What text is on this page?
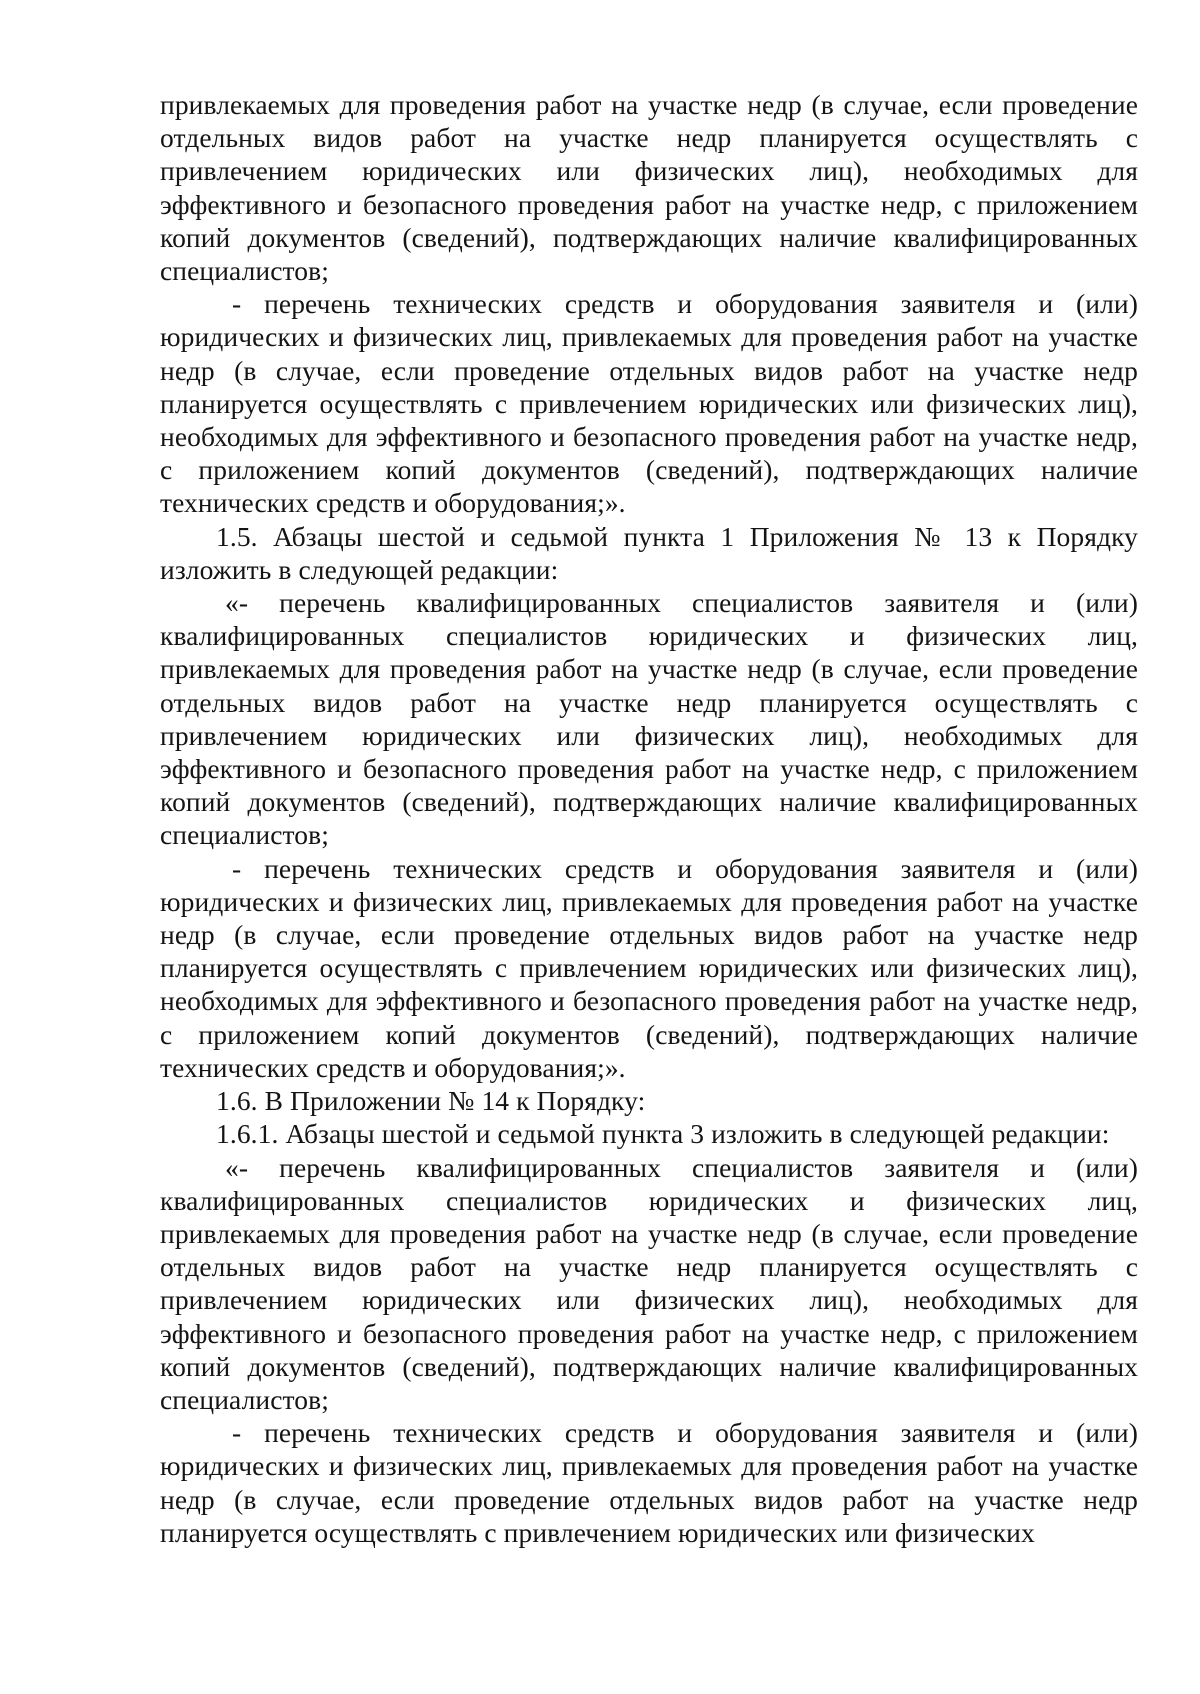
привлекаемых для проведения работ на участке недр (в случае, если проведение отдельных видов работ на участке недр планируется осуществлять с привлечением юридических или физических лиц), необходимых для эффективного и безопасного проведения работ на участке недр, с приложением копий документов (сведений), подтверждающих наличие квалифицированных специалистов;

- перечень технических средств и оборудования заявителя и (или) юридических и физических лиц, привлекаемых для проведения работ на участке недр (в случае, если проведение отдельных видов работ на участке недр планируется осуществлять с привлечением юридических или физических лиц), необходимых для эффективного и безопасного проведения работ на участке недр, с приложением копий документов (сведений), подтверждающих наличие технических средств и оборудования;».

1.5. Абзацы шестой и седьмой пункта 1 Приложения № 13 к Порядку изложить в следующей редакции:

«- перечень квалифицированных специалистов заявителя и (или) квалифицированных специалистов юридических и физических лиц, привлекаемых для проведения работ на участке недр (в случае, если проведение отдельных видов работ на участке недр планируется осуществлять с привлечением юридических или физических лиц), необходимых для эффективного и безопасного проведения работ на участке недр, с приложением копий документов (сведений), подтверждающих наличие квалифицированных специалистов;

- перечень технических средств и оборудования заявителя и (или) юридических и физических лиц, привлекаемых для проведения работ на участке недр (в случае, если проведение отдельных видов работ на участке недр планируется осуществлять с привлечением юридических или физических лиц), необходимых для эффективного и безопасного проведения работ на участке недр, с приложением копий документов (сведений), подтверждающих наличие технических средств и оборудования;».

1.6. В Приложении № 14 к Порядку:

1.6.1. Абзацы шестой и седьмой пункта 3 изложить в следующей редакции:

«- перечень квалифицированных специалистов заявителя и (или) квалифицированных специалистов юридических и физических лиц, привлекаемых для проведения работ на участке недр (в случае, если проведение отдельных видов работ на участке недр планируется осуществлять с привлечением юридических или физических лиц), необходимых для эффективного и безопасного проведения работ на участке недр, с приложением копий документов (сведений), подтверждающих наличие квалифицированных специалистов;

- перечень технических средств и оборудования заявителя и (или) юридических и физических лиц, привлекаемых для проведения работ на участке недр (в случае, если проведение отдельных видов работ на участке недр планируется осуществлять с привлечением юридических или физических
